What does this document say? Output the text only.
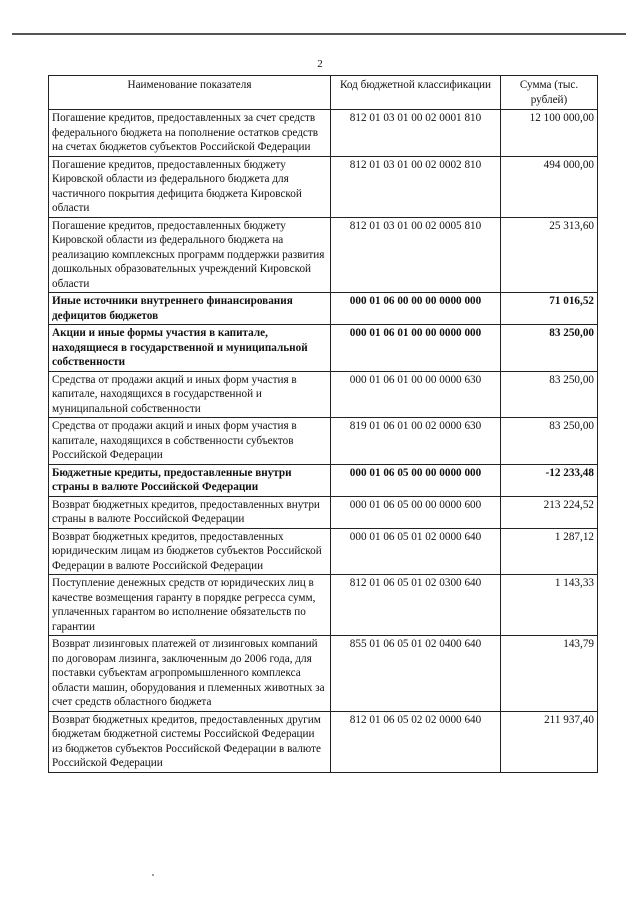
2
Наименование показателя	Код бюджетной классификации	Сумма (тыс. рублей)
Погашение кредитов, предоставленных за счет средств федерального бюджета на пополнение остатков средств на счетах бюджетов субъектов Российской Федерации	812 01 03 01 00 02 0001 810	12 100 000,00
Погашение кредитов, предоставленных бюджету Кировской области из федерального бюджета для частичного покрытия дефицита бюджета Кировской области	812 01 03 01 00 02 0002 810	494 000,00
Погашение кредитов, предоставленных бюджету Кировской области из федерального бюджета на реализацию комплексных программ поддержки развития дошкольных образовательных учреждений Кировской области	812 01 03 01 00 02 0005 810	25 313,60
Иные источники внутреннего финансирования дефицитов бюджетов	000 01 06 00 00 00 0000 000	71 016,52
Акции и иные формы участия в капитале, находящиеся в государственной и муниципальной собственности	000 01 06 01 00 00 0000 000	83 250,00
Средства от продажи акций и иных форм участия в капитале, находящихся в государственной и муниципальной собственности	000 01 06 01 00 00 0000 630	83 250,00
Средства от продажи акций и иных форм участия в капитале, находящихся в собственности субъектов Российской Федерации	819 01 06 01 00 02 0000 630	83 250,00
Бюджетные кредиты, предоставленные внутри страны в валюте Российской Федерации	000 01 06 05 00 00 0000 000	-12 233,48
Возврат бюджетных кредитов, предоставленных внутри страны в валюте Российской Федерации	000 01 06 05 00 00 0000 600	213 224,52
Возврат бюджетных кредитов, предоставленных юридическим лицам из бюджетов субъектов Российской Федерации в валюте Российской Федерации	000 01 06 05 01 02 0000 640	1 287,12
Поступление денежных средств от юридических лиц в качестве возмещения гаранту в порядке регресса сумм, уплаченных гарантом во исполнение обязательств по гарантии	812 01 06 05 01 02 0300 640	1 143,33
Возврат лизинговых платежей от лизинговых компаний по договорам лизинга, заключенным до 2006 года, для поставки субъектам агропромышленного комплекса области машин, оборудования и племенных животных за счет средств областного бюджета	855 01 06 05 01 02 0400 640	143,79
Возврат бюджетных кредитов, предоставленных другим бюджетам бюджетной системы Российской Федерации из бюджетов субъектов Российской Федерации в валюте Российской Федерации	812 01 06 05 02 02 0000 640	211 937,40
